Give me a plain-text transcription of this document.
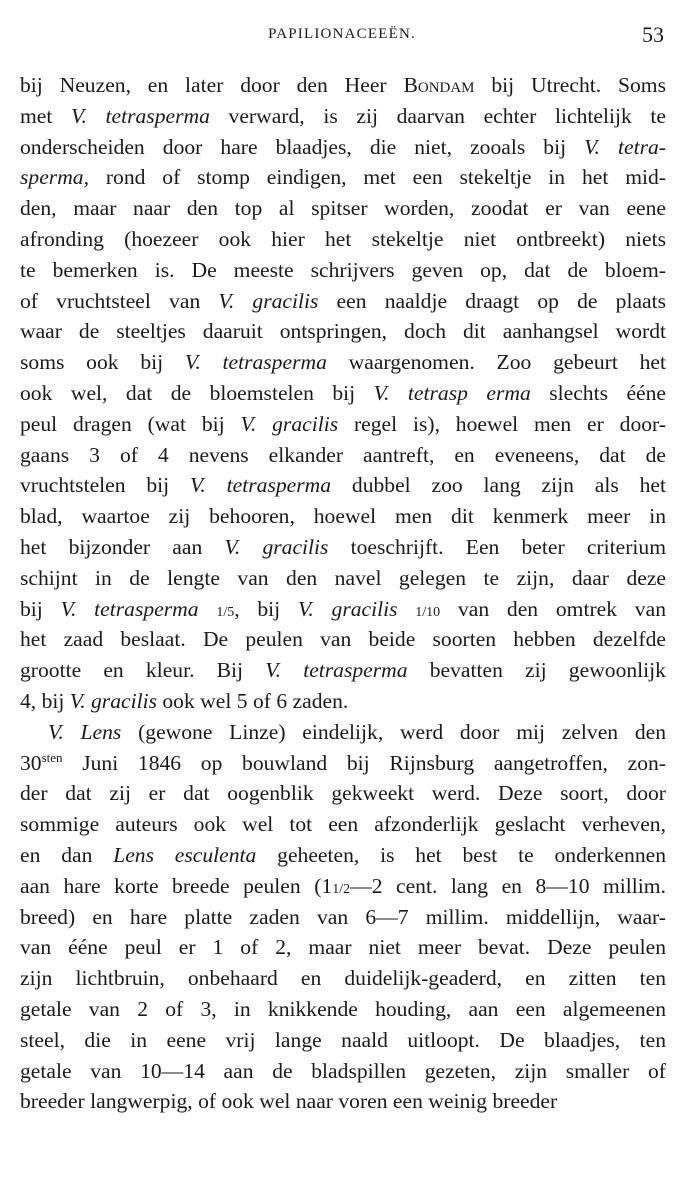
PAPILIONACEEËN.	53
bij Neuzen, en later door den Heer Bondam bij Utrecht. Soms
met V. tetrasperma verward, is zij daarvan echter lichtelijk te
onderscheiden door hare blaadjes, die niet, zooals bij V. tetra-
sperma, rond of stomp eindigen, met een stekeltje in het mid-
den, maar naar den top al spitser worden, zoodat er van eene
afronding (hoezeer ook hier het stekeltje niet ontbreekt) niets
te bemerken is. De meeste schrijvers geven op, dat de bloem-
of vruchtsteel van V. gracilis een naaldje draagt op de plaats
waar de steeltjes daaruit ontspringen, doch dit aanhangsel wordt
soms ook bij V. tetrasperma waargenomen. Zoo gebeurt het
ook wel, dat de bloemstelen bij V. tetrasp erma slechts ééne
peul dragen (wat bij V. gracilis regel is), hoewel men er door-
gaans 3 of 4 nevens elkander aantreft, en eveneens, dat de
vruchtstelen bij V. tetrasperma dubbel zoo lang zijn als het
blad, waartoe zij behooren, hoewel men dit kenmerk meer in
het bijzonder aan V. gracilis toeschrijft. Een beter criterium
schijnt in de lengte van den navel gelegen te zijn, daar deze
bij V. tetrasperma 1/5, bij V. gracilis 1/10 van den omtrek van
het zaad beslaat. De peulen van beide soorten hebben dezelfde
grootte en kleur. Bij V. tetrasperma bevatten zij gewoonlijk
4, bij V. gracilis ook wel 5 of 6 zaden.
V. Lens (gewone Linze) eindelijk, werd door mij zelven den
$30^{sten}$ Juni 1846 op bouwland bij Rijnsburg aangetroffen, zon-
der dat zij er dat oogenblik gekweekt werd. Deze soort, door
sommige auteurs ook wel tot een afzonderlijk geslacht verheven,
en dan Lens esculenta geheeten, is het best te onderkennen
aan hare korte breede peulen (11/2—2 cent. lang en 8—10 millim.
breed) en hare platte zaden van 6—7 millim. middellijn, waar-
van ééne peul er 1 of 2, maar niet meer bevat. Deze peulen
zijn lichtbruin, onbehaard en duidelijk-geaderd, en zitten ten
getale van 2 of 3, in knikkende houding, aan een algemeenen
steel, die in eene vrij lange naald uitloopt. De blaadjes, ten
getale van 10—14 aan de bladspillen gezeten, zijn smaller of
breeder langwerpig, of ook wel naar voren een weinig breeder
